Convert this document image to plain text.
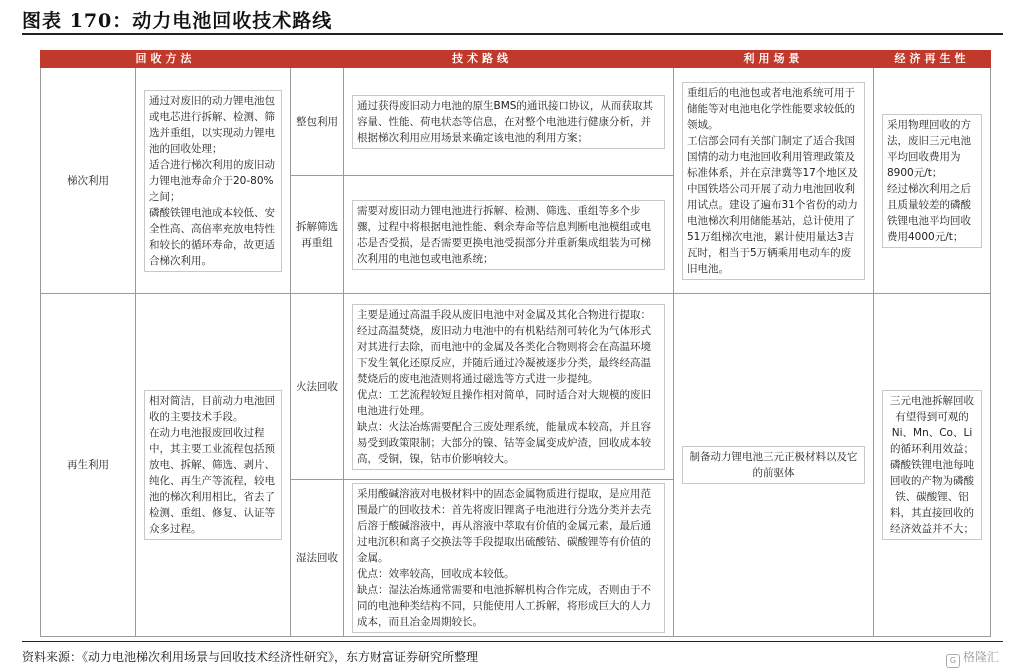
图表 170：动力电池回收技术路线
回收方法		技术路线		利用场景	经济再生性
梯次利用	通过对废旧的动力锂电池包或电芯进行拆解、检测、筛选并重组，以实现动力锂电池的回收处理；
适合进行梯次利用的废旧动力锂电池寿命介于20-80%之间；
磷酸铁锂电池成本较低、安全性高、高倍率充放电特性和较长的循环寿命，故更适合梯次利用。	整包利用	通过获得废旧动力电池的原生BMS的通讯接口协议，从而获取其容量、性能、荷电状态等信息，在对整个电池进行健康分析，并根据梯次利用应用场景来确定该电池的利用方案；	重组后的电池包或者电池系统可用于储能等对电池电化学性能要求较低的领域。
工信部会同有关部门制定了适合我国国情的动力电池回收利用管理政策及标准体系，并在京津冀等17个地区及中国铁塔公司开展了动力电池回收利用试点。建设了遍布31个省份的动力电池梯次利用储能基站，总计使用了51万组梯次电池，累计使用量达3吉瓦时，相当于5万辆乘用电动车的废旧电池。	采用物理回收的方法，废旧三元电池平均回收费用为8900元/t；
经过梯次利用之后且质量较差的磷酸铁锂电池平均回收费用4000元/t；

		拆解筛选再重组	需要对废旧动力锂电池进行拆解、检测、筛选、重组等多个步骤，过程中将根据电池性能、剩余寿命等信息判断电池模组或电芯是否受损，是否需要更换电池受损部分并重新集成组装为可梯次利用的电池包或电池系统；		

再生利用	相对简洁，目前动力电池回收的主要技术手段。
在动力电池报废回收过程中，其主要工业流程包括预放电、拆解、筛选、剥片、纯化、再生产等流程，较电池的梯次利用相比，省去了检测、重组、修复、认证等众多过程。	火法回收	主要是通过高温手段从废旧电池中对金属及其化合物进行提取：经过高温焚烧，废旧动力电池中的有机粘结剂可转化为气体形式对其进行去除，而电池中的金属及各类化合物则将会在高温环境下发生氧化还原反应，并随后通过冷凝被逐步分类，最终经高温焚烧后的废电池渣则将通过磁选等方式进一步提纯。
优点：工艺流程较短且操作相对简单，同时适合对大规模的废旧电池进行处理。
缺点：火法冶炼需要配合三废处理系统，能量成本较高，并且容易受到政策限制；大部分的镍、钴等金属变成炉渣，回收成本较高，受铜，镍，钴市价影响较大。	制备动力锂电池三元正极材料以及它的前驱体	三元电池拆解回收有望得到可观的Ni、Mn、Co、Li的循环利用效益；磷酸铁锂电池每吨回收的产物为磷酸铁、碳酸锂、铝料，其直接回收的经济效益并不大；

		湿法回收	采用酸碱溶液对电极材料中的固态金属物质进行提取，是应用范围最广的回收技术：首先将废旧锂离子电池进行分选分类并去壳后溶于酸碱溶液中，再从溶液中萃取有价值的金属元素，最后通过电沉积和离子交换法等手段提取出硫酸钴、碳酸锂等有价值的金属。
优点：效率较高，回收成本较低。
缺点：湿法冶炼通常需要和电池拆解机构合作完成，否则由于不同的电池种类结构不同，只能使用人工拆解，将形成巨大的人力成本，而且冶金周期较长。		
资料来源：《动力电池梯次利用场景与回收技术经济性研究》，东方财富证券研究所整理	G 格隆汇
